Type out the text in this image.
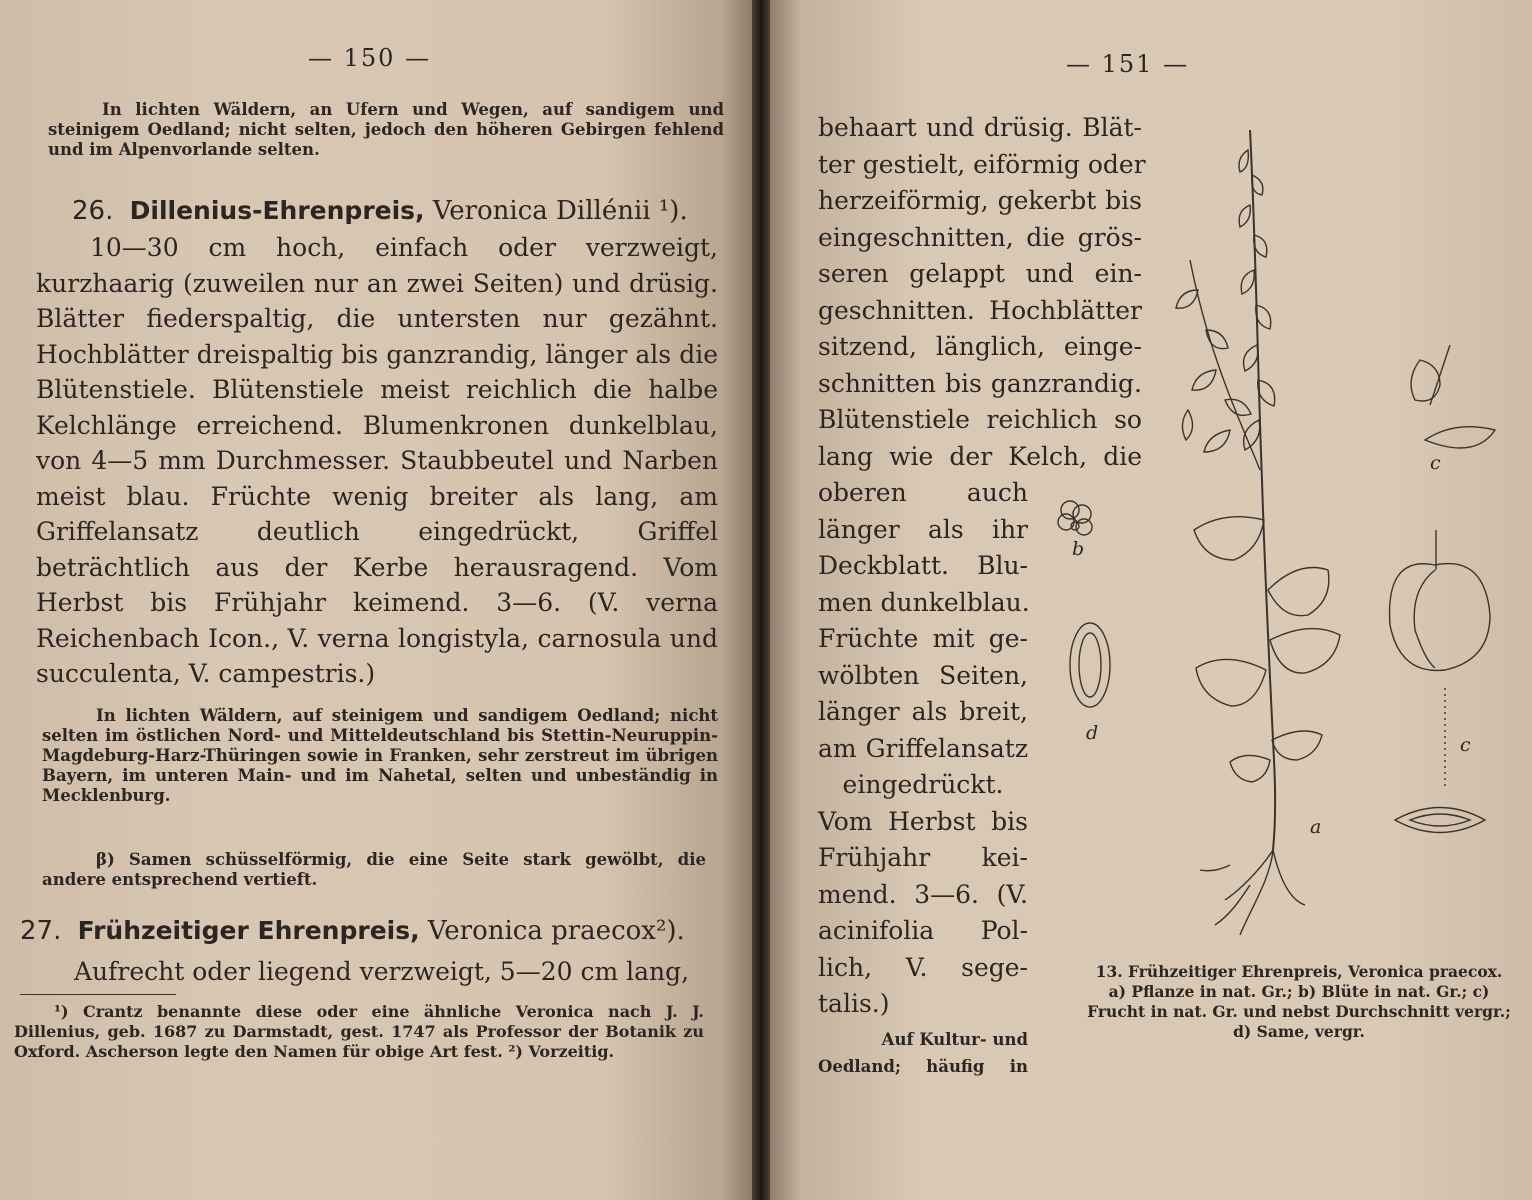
— 150 —

In lichten Wäldern, an Ufern und Wegen, auf sandigem und steinigem Oedland; nicht selten, jedoch den höheren Gebirgen fehlend und im Alpenvorlande selten.

26. Dillenius-Ehrenpreis, Veronica Dillénii ¹).

10—30 cm hoch, einfach oder verzweigt, kurzhaarig (zuweilen nur an zwei Seiten) und drüsig. Blätter fiederspaltig, die untersten nur gezähnt. Hochblätter dreispaltig bis ganzrandig, länger als die Blütenstiele. Blütenstiele meist reichlich die halbe Kelchlänge erreichend. Blumenkronen dunkelblau, von 4—5 mm Durchmesser. Staubbeutel und Narben meist blau. Früchte wenig breiter als lang, am Griffelansatz deutlich eingedrückt, Griffel beträchtlich aus der Kerbe herausragend. Vom Herbst bis Frühjahr keimend. 3—6. (V. verna Reichenbach Icon., V. verna longistyla, carnosula und succulenta, V. campestris.)

In lichten Wäldern, auf steinigem und sandigem Oedland; nicht selten im östlichen Nord- und Mitteldeutschland bis Stettin-Neuruppin-Magdeburg-Harz-Thüringen sowie in Franken, sehr zerstreut im übrigen Bayern, im unteren Main- und im Nahetal, selten und unbeständig in Mecklenburg.

β) Samen schüsselförmig, die eine Seite stark gewölbt, die andere entsprechend vertieft.

27. Frühzeitiger Ehrenpreis, Veronica praecox²).

Aufrecht oder liegend verzweigt, 5—20 cm lang,

¹) Crantz benannte diese oder eine ähnliche Veronica nach J. J. Dillenius, geb. 1687 zu Darmstadt, gest. 1747 als Professor der Botanik zu Oxford. Ascherson legte den Namen für obige Art fest. ²) Vorzeitig.

— 151 —
behaart und drüsig. Blät-
ter gestielt, eiförmig oder
herzeiförmig, gekerbt bis
eingeschnitten, die grös-
seren gelappt und ein-
geschnitten. Hochblätter
sitzend, länglich, einge-
schnitten bis ganzrandig.
Blütenstiele reichlich so
lang wie der Kelch, die
oberen auch
länger als ihr
Deckblatt. Blu-
men dunkelblau.
Früchte mit ge-
wölbten Seiten,
länger als breit,
am Griffelansatz
eingedrückt.
Vom Herbst bis
Frühjahr kei-
mend. 3—6. (V.
acinifolia Pol-
lich, V. sege-
talis.)
Auf Kultur- und
Oedland; häufig in
b
c
c
d
a
13. Frühzeitiger Ehrenpreis, Veronica praecox.
a) Pflanze in nat. Gr.; b) Blüte in nat. Gr.; c)
Frucht in nat. Gr. und nebst Durchschnitt vergr.;
d) Same, vergr.
